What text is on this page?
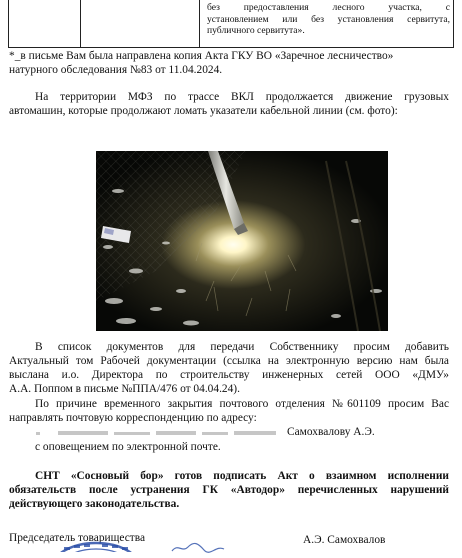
без предоставления лесного участка, с
установлением или без установления сервитута,
публичного сервитута».
*_в письме Вам была направлена копия Акта ГКУ ВО «Заречное лесничество»
натурного обследования №83 от 11.04.2024.
На территории МФЗ по трассе ВКЛ продолжается движение грузовых
автомашин, которые продолжают ломать указатели кабельной линии (см. фото):
В список документов для передачи Собственнику просим добавить
Актуальный том Рабочей документации (ссылка на электронную версию нам была
выслана и.о. Директора по строительству инженерных сетей ООО «ДМУ»
А.А. Поппом в письме №ППА/476 от 04.04.24).
По причине временного закрытия почтового отделения №601109 просим Вас
направлять почтовую корреспонденцию по адресу:
Самохвалову А.Э.
с оповещением по электронной почте.
СНТ «Сосновый бор» готов подписать Акт о взаимном исполнении
обязательств после устранения ГК «Автодор» перечисленных нарушений
действующего законодательства.
Председатель товарищества	А.Э. Самохвалов
